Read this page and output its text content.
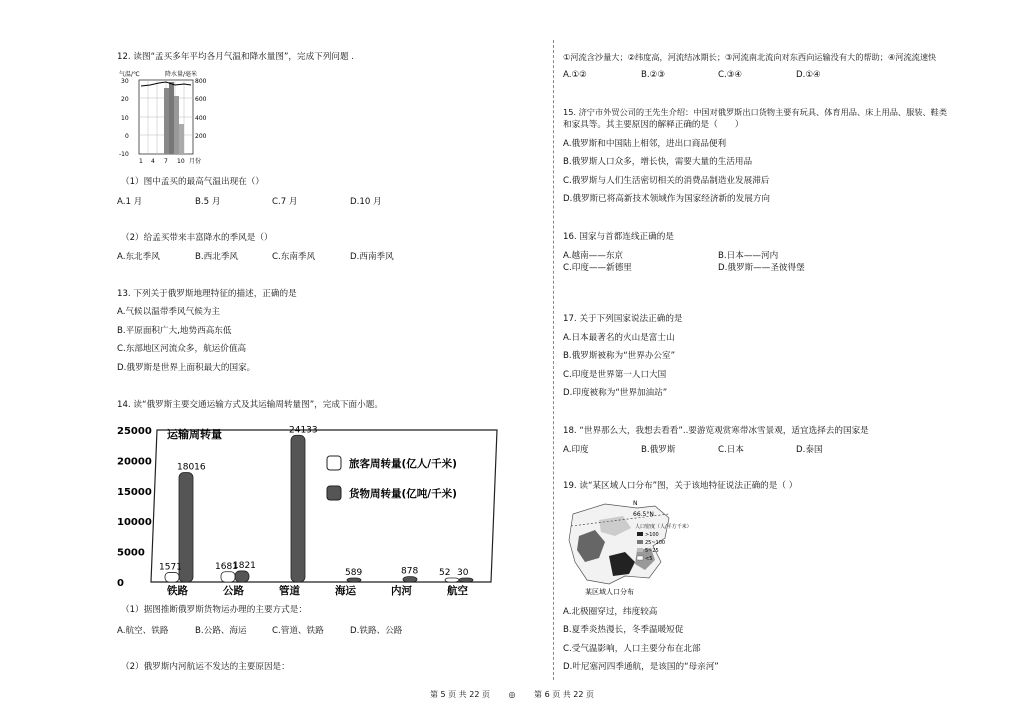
12. 读图“孟买多年平均各月气温和降水量图”，完成下列问题 .

气温/℃	降水量/毫米
30
20
10
0
-10
800
600
400
200
1 4 7 10 月份

（1）图中孟买的最高气温出现在（）

A.1 月	B.5 月	C.7 月	D.10 月

（2）给孟买带来丰富降水的季风是（）

A.东北季风	B.西北季风	C.东南季风	D.西南季风

13. 下列关于俄罗斯地理特征的描述，正确的是

A.气候以温带季风气候为主

B.平原面积广大,地势西高东低

C.东部地区河流众多，航运价值高

D.俄罗斯是世界上面积最大的国家。

14. 读“俄罗斯主要交通运输方式及其运输周转量图”，完成下面小题。

运输周转量
25000
20000
15000
10000
5000
0
18016
1571	1821
1681
24133
589	878	30
52
铁路	公路	管道	海运	内河	航空
旅客周转量(亿人/千米)
货物周转量(亿吨/千米)

（1）据图推断俄罗斯货物运办理的主要方式是：

A.航空、铁路	B.公路、海运	C.管道、铁路	D.铁路、公路

（2）俄罗斯内河航运不发达的主要原因是：

①河流含沙量大；②纬度高，河流结冰期长；③河流南北流向对东西向运输没有大的帮助；④河流流速快

A.①②	B.②③	C.③④	D.①④

15. 济宁市外贸公司的王先生介绍：中国对俄罗斯出口货物主要有玩具、体育用品、床上用品、服装、鞋类

和家具等。其主要原因的解释正确的是（　　）

A.俄罗斯和中国陆上相邻，进出口商品便利

B.俄罗斯人口众多，增长快，需要大量的生活用品

C.俄罗斯与人们生活密切相关的消费品制造业发展滞后

D.俄罗斯已将高新技术领域作为国家经济新的发展方向

16. 国家与首都连线正确的是

A.越南——东京	B.日本——河内

C.印度——新德里	D.俄罗斯——圣彼得堡

17. 关于下列国家说法正确的是

A.日本最著名的火山是富士山

B.俄罗斯被称为“世界办公室”

C.印度是世界第一人口大国

D.印度被称为“世界加油站”

18. “世界那么大，我想去看看”..要游览观赏寒带冰雪景观，适宜选择去的国家是

A.印度	B.俄罗斯	C.日本	D.泰国

19. 读“某区域人口分布”图，关于该地特征说法正确的是（ ）

66.5°N
N
人口密度（人/平方千米）
>100
25~100
5~25
<5
某区域人口分布

A.北极圈穿过，纬度较高

B.夏季炎热漫长，冬季温暖短促

C.受气温影响，人口主要分布在北部

D.叶尼塞河四季通航，是该国的“母亲河”

第 5 页 共 22 页 ◎ 第 6 页 共 22 页
